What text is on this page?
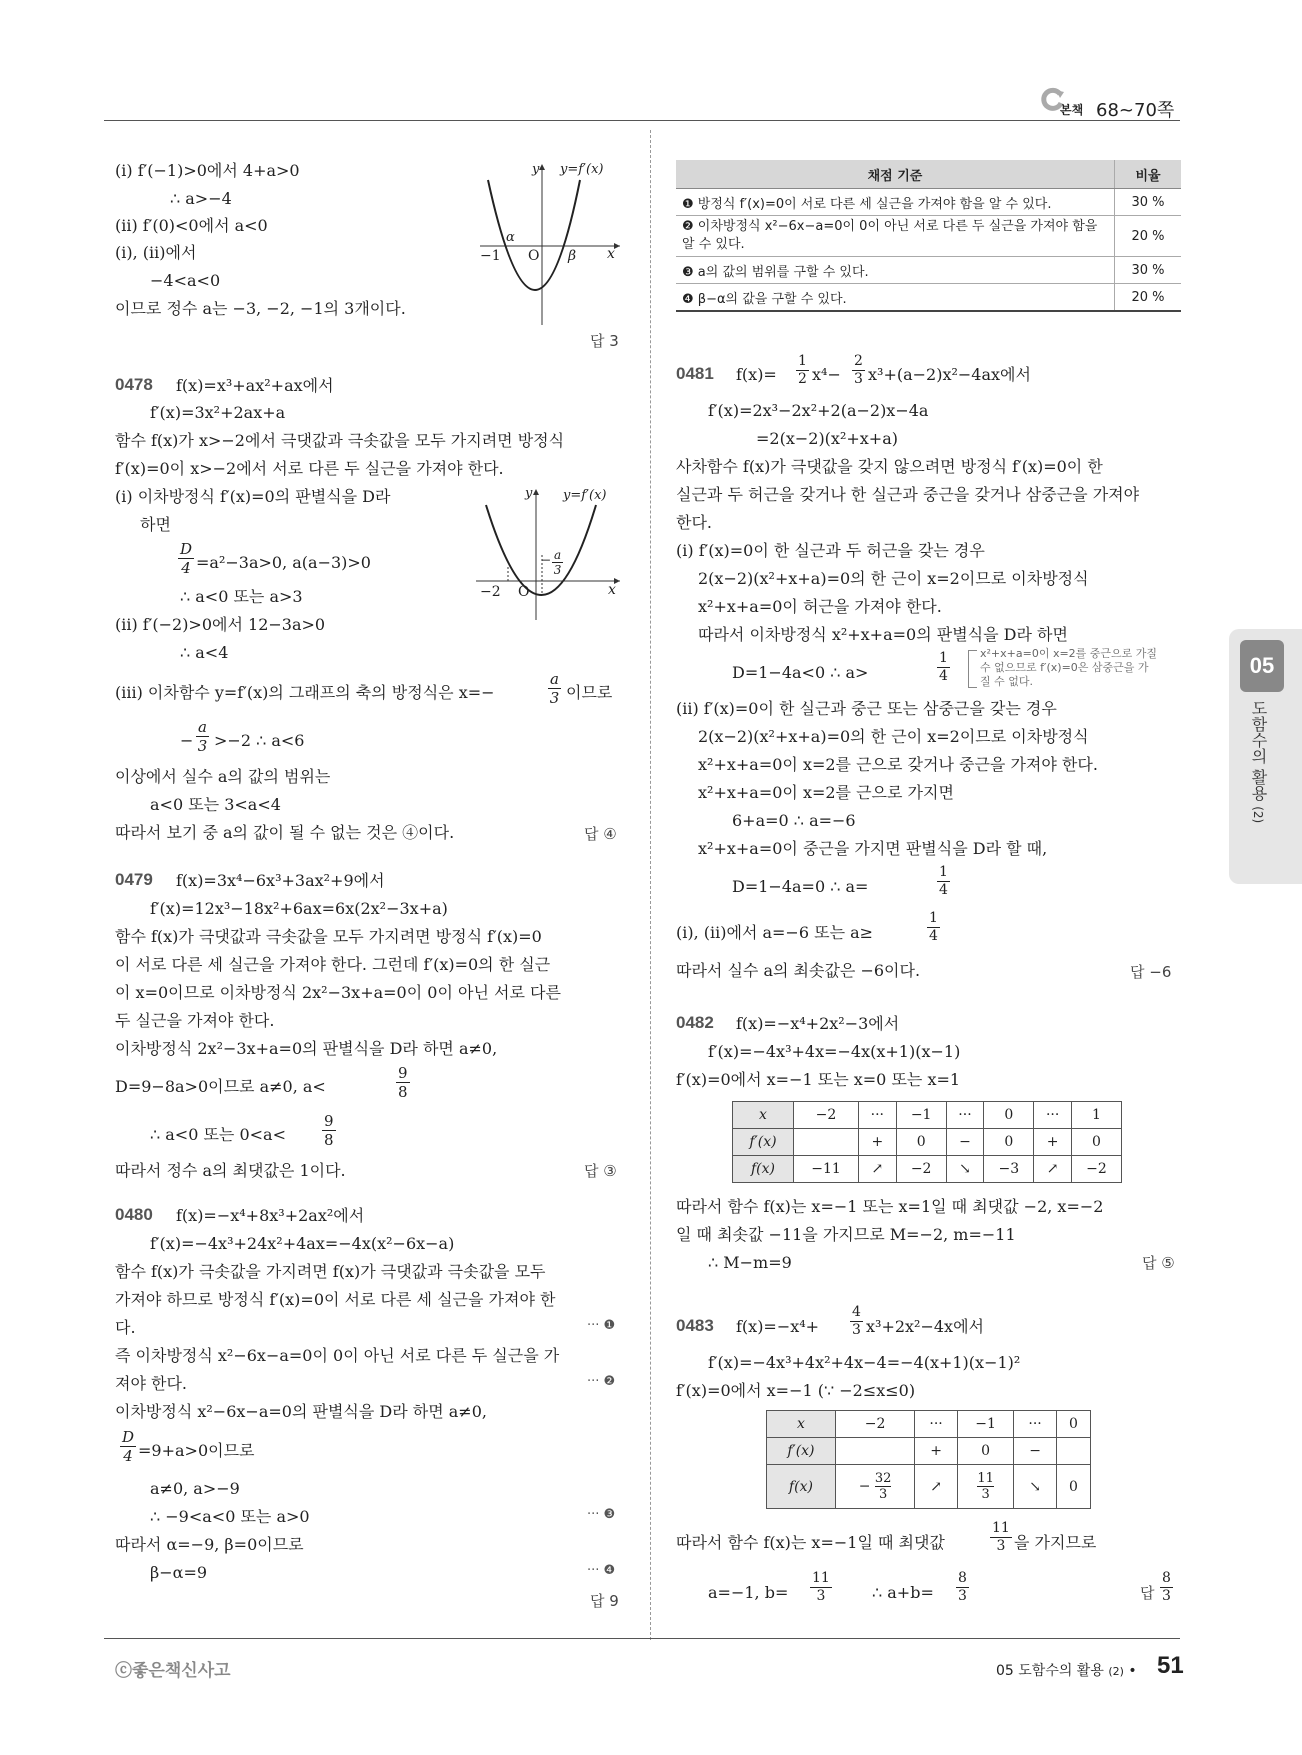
본책 68~70쪽
05
도함수의 활용 (2)
(ⅰ) f′(−1)>0에서 4+a>0
∴ a>−4
(ⅱ) f′(0)<0에서 a<0
(ⅰ), (ⅱ)에서
−4<a<0
이므로 정수 a는 −3, −2, −1의 3개이다.
y y=f′(x)
α
−1 O β x
답 3
0478 f(x)=x³+ax²+ax에서
f′(x)=3x²+2ax+a
함수 f(x)가 x>−2에서 극댓값과 극솟값을 모두 가지려면 방정식
f′(x)=0이 x>−2에서 서로 다른 두 실근을 가져야 한다.
(ⅰ) 이차방정식 f′(x)=0의 판별식을 D라
하면
D
4 =a²−3a>0, a(a−3)>0
∴ a<0 또는 a>3
(ⅱ) f′(−2)>0에서 12−3a>0
∴ a<4
y y=f′(x)
a
3
−
−2 O	x
(ⅲ) 이차함수 y=f′(x)의 그래프의 축의 방정식은 x=−
a
3 이므로
−
a
3 >−2 ∴ a<6
이상에서 실수 a의 값의 범위는
a<0 또는 3<a<4
따라서 보기 중 a의 값이 될 수 없는 것은 ④이다.	답 ④
0479 f(x)=3x⁴−6x³+3ax²+9에서
f′(x)=12x³−18x²+6ax=6x(2x²−3x+a)
함수 f(x)가 극댓값과 극솟값을 모두 가지려면 방정식 f′(x)=0
이 서로 다른 세 실근을 가져야 한다. 그런데 f′(x)=0의 한 실근
이 x=0이므로 이차방정식 2x²−3x+a=0이 0이 아닌 서로 다른
두 실근을 가져야 한다.
이차방정식 2x²−3x+a=0의 판별식을 D라 하면 a≠0,
D=9−8a>0이므로 a≠0, a<
9
8
∴ a<0 또는 0<a<
9
8
따라서 정수 a의 최댓값은 1이다.	답 ③
0480 f(x)=−x⁴+8x³+2ax²에서
f′(x)=−4x³+24x²+4ax=−4x(x²−6x−a)
함수 f(x)가 극솟값을 가지려면 f(x)가 극댓값과 극솟값을 모두
가져야 하므로 방정식 f′(x)=0이 서로 다른 세 실근을 가져야 한
다.	··· ❶
즉 이차방정식 x²−6x−a=0이 0이 아닌 서로 다른 두 실근을 가
져야 한다.	··· ❷
이차방정식 x²−6x−a=0의 판별식을 D라 하면 a≠0,
D
4 =9+a>0이므로
a≠0, a>−9
∴ −9<a<0 또는 a>0	··· ❸
따라서 α=−9, β=0이므로
β−α=9	··· ❹
답 9
채점 기준	비율
❶ 방정식 f′(x)=0이 서로 다른 세 실근을 가져야 함을 알 수 있다.	30 %
❷ 이차방정식 x²−6x−a=0이 0이 아닌 서로 다른 두 실근을 가져야 함을 알 수 있다.	20 %
❸ a의 값의 범위를 구할 수 있다.	30 %
❹ β−α의 값을 구할 수 있다.	20 %
0481 f(x)=
1
2 x⁴−
2
3 x³+(a−2)x²−4ax에서
f′(x)=2x³−2x²+2(a−2)x−4a
=2(x−2)(x²+x+a)
사차함수 f(x)가 극댓값을 갖지 않으려면 방정식 f′(x)=0이 한
실근과 두 허근을 갖거나 한 실근과 중근을 갖거나 삼중근을 가져야
한다.
(ⅰ) f′(x)=0이 한 실근과 두 허근을 갖는 경우
2(x−2)(x²+x+a)=0의 한 근이 x=2이므로 이차방정식
x²+x+a=0이 허근을 가져야 한다.
따라서 이차방정식 x²+x+a=0의 판별식을 D라 하면
D=1−4a<0 ∴ a>
1
4
x²+x+a=0이 x=2를 중근으로 가질
수 없으므로 f′(x)=0은 삼중근을 가
질 수 없다.
(ⅱ) f′(x)=0이 한 실근과 중근 또는 삼중근을 갖는 경우
2(x−2)(x²+x+a)=0의 한 근이 x=2이므로 이차방정식
x²+x+a=0이 x=2를 근으로 갖거나 중근을 가져야 한다.
x²+x+a=0이 x=2를 근으로 가지면
6+a=0 ∴ a=−6
x²+x+a=0이 중근을 가지면 판별식을 D라 할 때,
D=1−4a=0 ∴ a=
1
4
(ⅰ), (ⅱ)에서 a=−6 또는 a≥
1
4
따라서 실수 a의 최솟값은 −6이다.	답 −6
0482 f(x)=−x⁴+2x²−3에서
f′(x)=−4x³+4x=−4x(x+1)(x−1)
f′(x)=0에서 x=−1 또는 x=0 또는 x=1
x	−2	···	−1	···	0	···	1
f′(x)		+	0	−	0	+	0
f(x)	−11	↗	−2	↘	−3	↗	−2
따라서 함수 f(x)는 x=−1 또는 x=1일 때 최댓값 −2, x=−2
일 때 최솟값 −11을 가지므로 M=−2, m=−11
∴ M−m=9	답 ⑤
0483 f(x)=−x⁴+
4
3 x³+2x²−4x에서
f′(x)=−4x³+4x²+4x−4=−4(x+1)(x−1)²
f′(x)=0에서 x=−1 (∵ −2≤x≤0)
x	−2	···	−1	···	0
f′(x)		+	0	−	
f(x)	− $\frac{32}{3}$	↗	$\frac{11}{3}$	↘	0
따라서 함수 f(x)는 x=−1일 때 최댓값
11
3 을 가지므로
a=−1, b=
11
3	∴ a+b=
8
3	답
8
3
ⓒ좋은책신사고	05 도함수의 활용 (2) • 51
